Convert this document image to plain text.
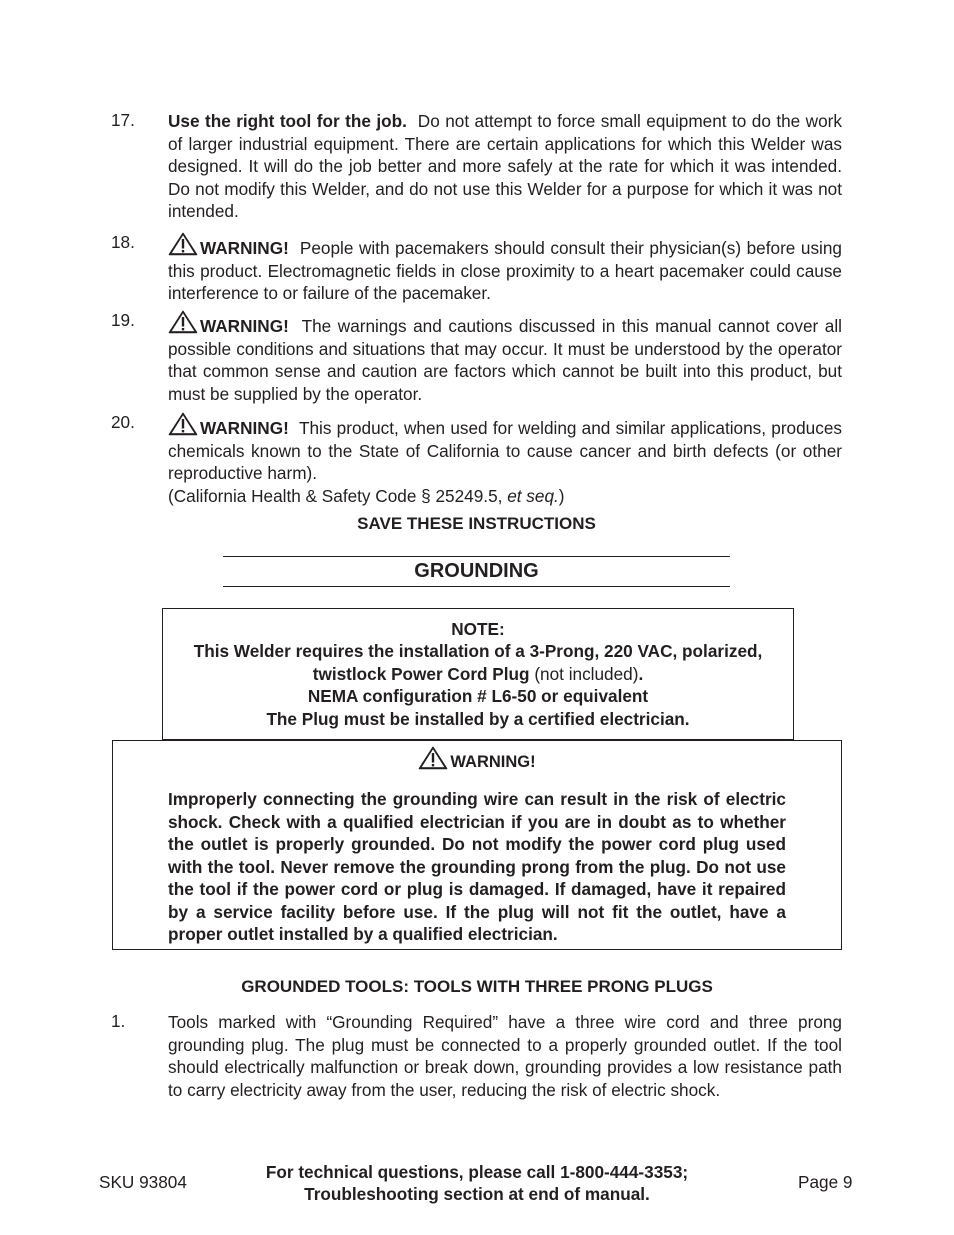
17.	Use the right tool for the job. Do not attempt to force small equipment to do the work of larger industrial equipment. There are certain applications for which this Welder was designed. It will do the job better and more safely at the rate for which it was intended. Do not modify this Welder, and do not use this Welder for a purpose for which it was not intended.
18.	WARNING! People with pacemakers should consult their physician(s) before using this product. Electromagnetic fields in close proximity to a heart pacemaker could cause interference to or failure of the pacemaker.
19.	WARNING! The warnings and cautions discussed in this manual cannot cover all possible conditions and situations that may occur. It must be understood by the operator that common sense and caution are factors which cannot be built into this product, but must be supplied by the operator.
20.	WARNING! This product, when used for welding and similar applications, produces chemicals known to the State of California to cause cancer and birth defects (or other reproductive harm).
(California Health & Safety Code § 25249.5, et seq.)
SAVE THESE INSTRUCTIONS
GROUNDING
NOTE:
This Welder requires the installation of a 3-Prong, 220 VAC, polarized,
twistlock Power Cord Plug (not included).
NEMA configuration # L6-50 or equivalent
The Plug must be installed by a certified electrician.
WARNING!
Improperly connecting the grounding wire can result in the risk of electric shock. Check with a qualified electrician if you are in doubt as to whether the outlet is properly grounded. Do not modify the power cord plug used with the tool. Never remove the grounding prong from the plug. Do not use the tool if the power cord or plug is damaged. If damaged, have it repaired by a service facility before use. If the plug will not fit the outlet, have a proper outlet installed by a qualified electrician.
GROUNDED TOOLS: TOOLS WITH THREE PRONG PLUGS
1.	Tools marked with “Grounding Required” have a three wire cord and three prong grounding plug. The plug must be connected to a properly grounded outlet. If the tool should electrically malfunction or break down, grounding provides a low resistance path to carry electricity away from the user, reducing the risk of electric shock.
SKU 93804	For technical questions, please call 1-800-444-3353;
Troubleshooting section at end of manual.
Page 9
